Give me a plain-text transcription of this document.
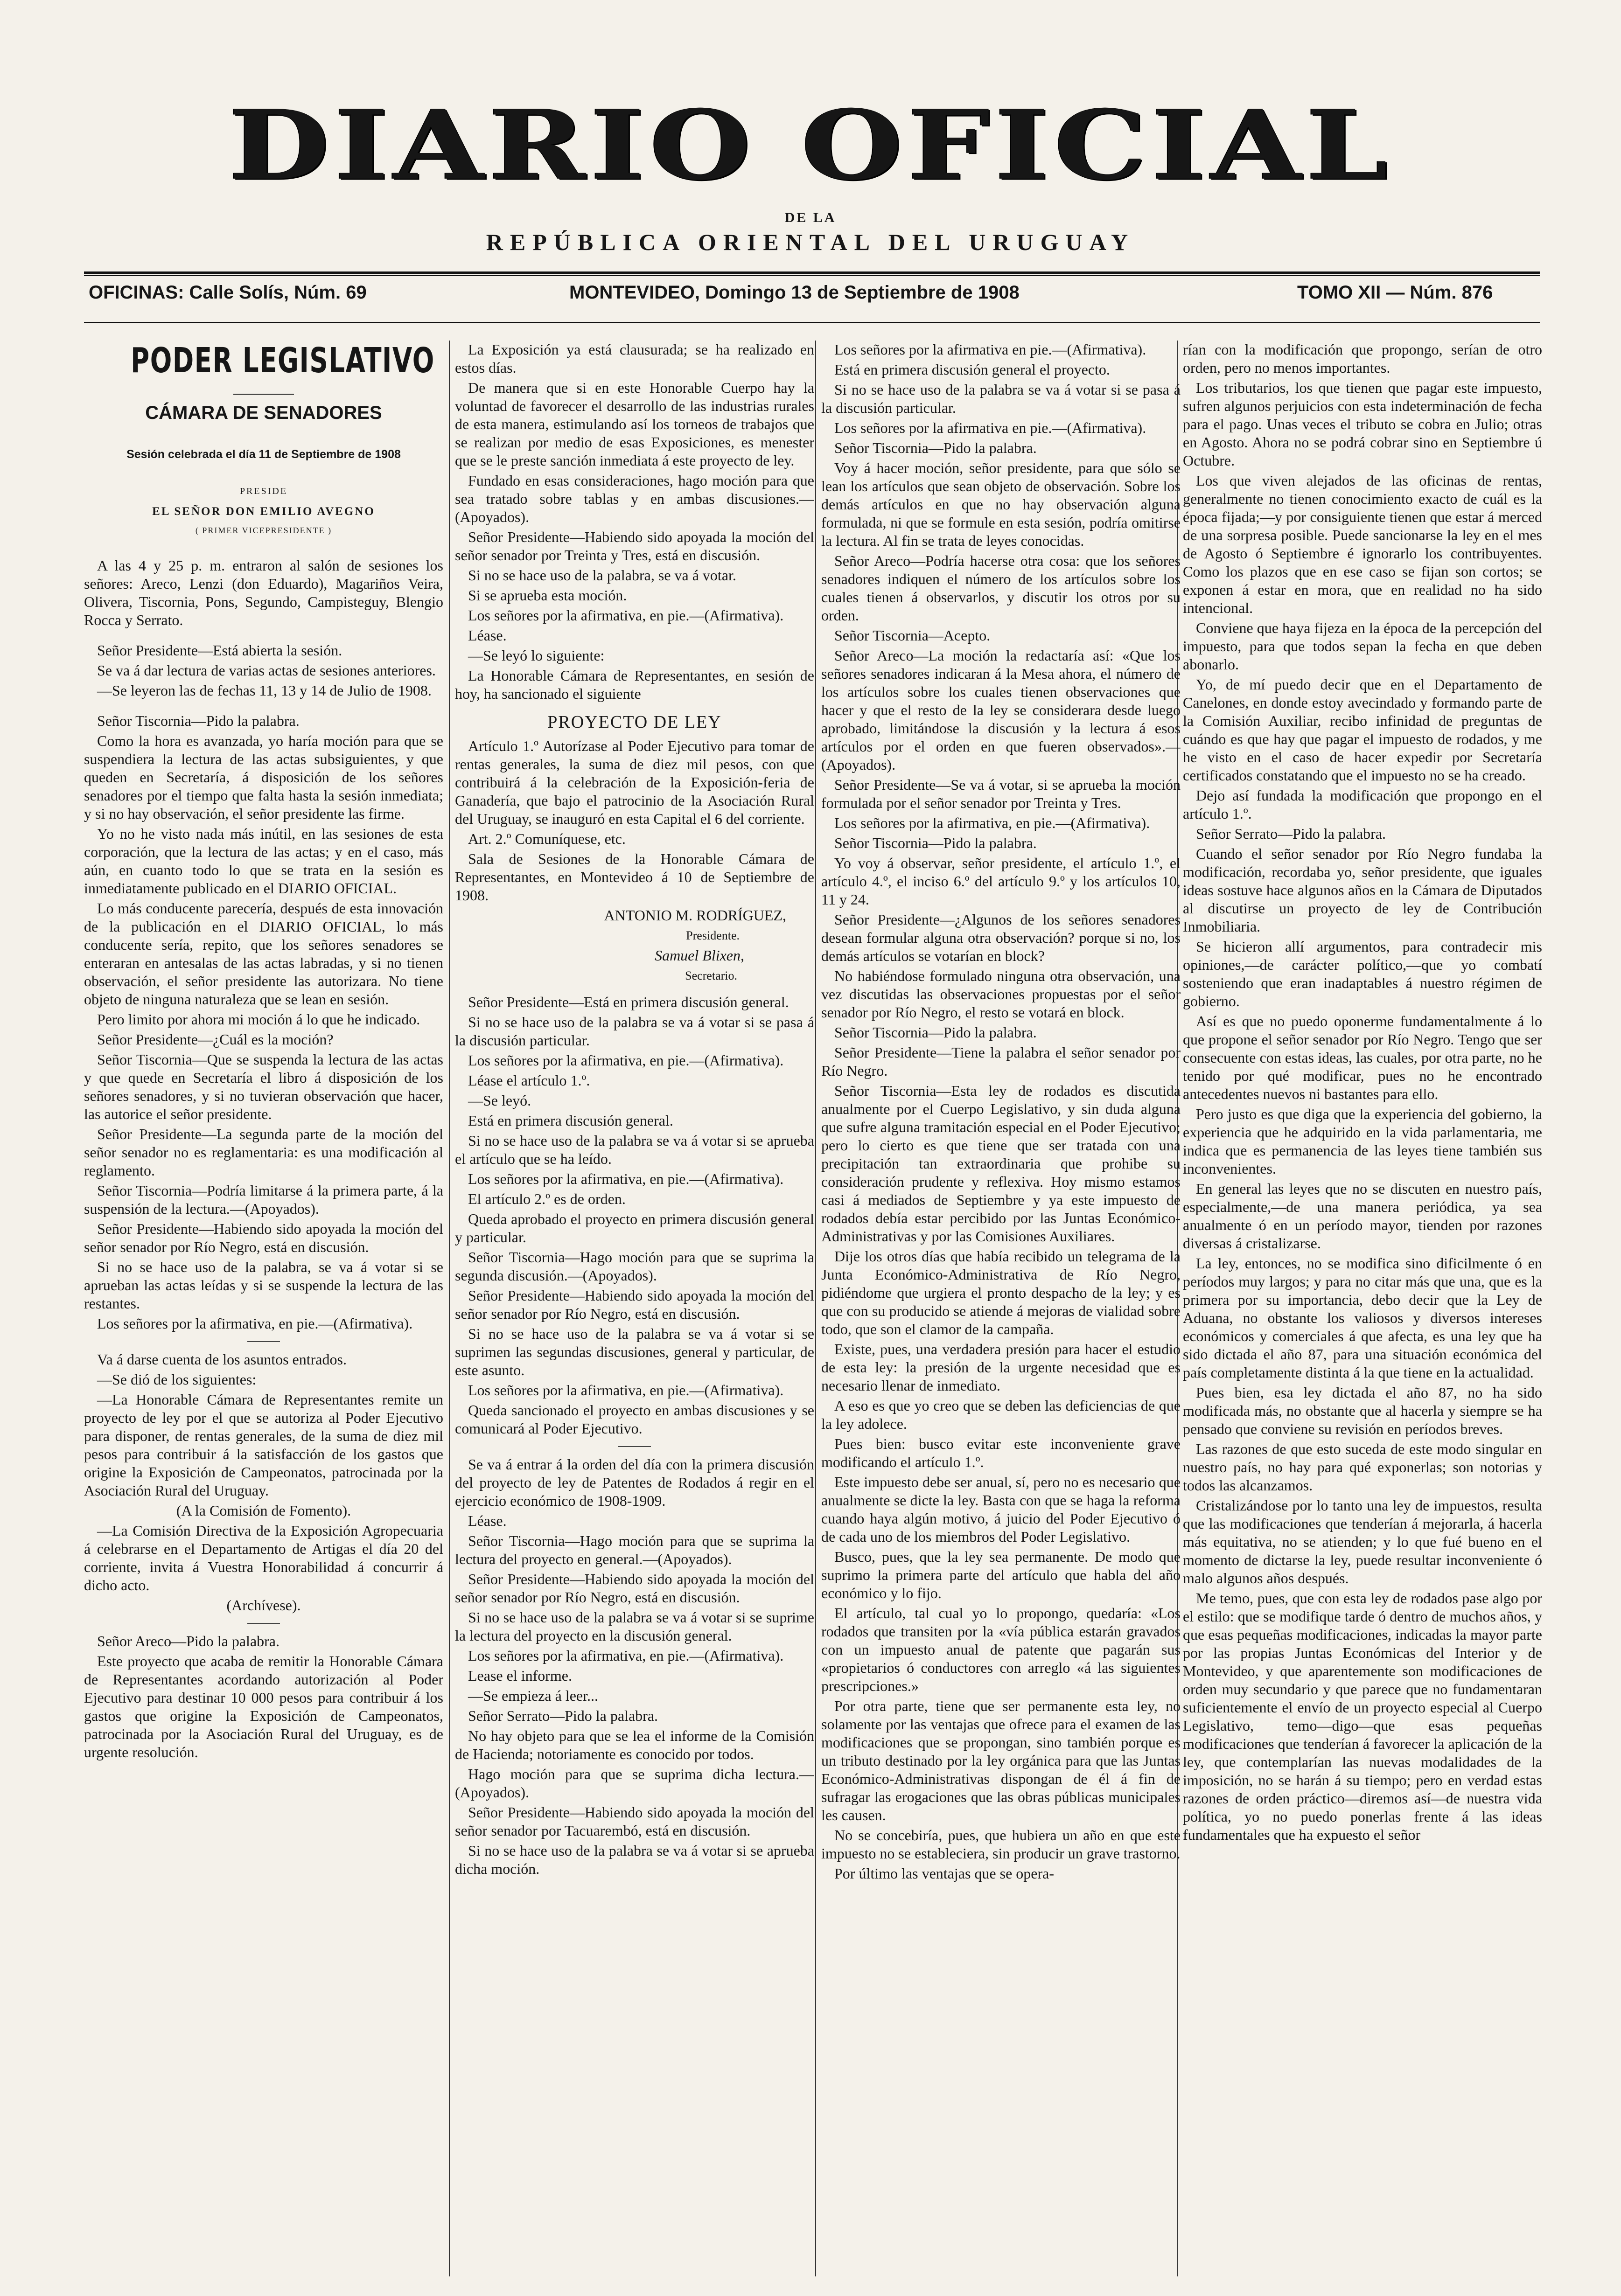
DIARIO OFICIAL
DE LA
REPÚBLICA ORIENTAL DEL URUGUAY
OFICINAS: Calle Solís, Núm. 69	MONTEVIDEO, Domingo 13 de Septiembre de 1908	TOMO XII — Núm. 876
PODER LEGISLATIVO
CÁMARA DE SENADORES
Sesión celebrada el día 11 de Septiembre de 1908
PRESIDE
EL SEÑOR DON EMILIO AVEGNO
( PRIMER VICEPRESIDENTE )

A las 4 y 25 p. m. entraron al salón de sesiones los señores: Areco, Lenzi (don Eduardo), Magariños Veira, Olivera, Tiscornia, Pons, Segundo, Campisteguy, Blengio Rocca y Serrato.

Señor Presidente—Está abierta la sesión.

Se va á dar lectura de varias actas de sesiones anteriores.

—Se leyeron las de fechas 11, 13 y 14 de Julio de 1908.

Señor Tiscornia—Pido la palabra.

Como la hora es avanzada, yo haría moción para que se suspendiera la lectura de las actas subsiguientes, y que queden en Secretaría, á disposición de los señores senadores por el tiempo que falta hasta la sesión inmediata; y si no hay observación, el señor presidente las firme.

Yo no he visto nada más inútil, en las sesiones de esta corporación, que la lectura de las actas; y en el caso, más aún, en cuanto todo lo que se trata en la sesión es inmediatamente publicado en el DIARIO OFICIAL.

Lo más conducente parecería, después de esta innovación de la publicación en el DIARIO OFICIAL, lo más conducente sería, repito, que los señores senadores se enteraran en antesalas de las actas labradas, y si no tienen observación, el señor presidente las autorizara. No tiene objeto de ninguna naturaleza que se lean en sesión.

Pero limito por ahora mi moción á lo que he indicado.

Señor Presidente—¿Cuál es la moción?

Señor Tiscornia—Que se suspenda la lectura de las actas y que quede en Secretaría el libro á disposición de los señores senadores, y si no tuvieran observación que hacer, las autorice el señor presidente.

Señor Presidente—La segunda parte de la moción del señor senador no es reglamentaria: es una modificación al reglamento.

Señor Tiscornia—Podría limitarse á la primera parte, á la suspensión de la lectura.—(Apoyados).

Señor Presidente—Habiendo sido apoyada la moción del señor senador por Río Negro, está en discusión.

Si no se hace uso de la palabra, se va á votar si se aprueban las actas leídas y si se suspende la lectura de las restantes.

Los señores por la afirmativa, en pie.—(Afirmativa).

Va á darse cuenta de los asuntos entrados.

—Se dió de los siguientes:

—La Honorable Cámara de Representantes remite un proyecto de ley por el que se autoriza al Poder Ejecutivo para disponer, de rentas generales, de la suma de diez mil pesos para contribuir á la satisfacción de los gastos que origine la Exposición de Campeonatos, patrocinada por la Asociación Rural del Uruguay.

(A la Comisión de Fomento).

—La Comisión Directiva de la Exposición Agropecuaria á celebrarse en el Departamento de Artigas el día 20 del corriente, invita á Vuestra Honorabilidad á concurrir á dicho acto.

(Archívese).

Señor Areco—Pido la palabra.

Este proyecto que acaba de remitir la Honorable Cámara de Representantes acordando autorización al Poder Ejecutivo para destinar 10 000 pesos para contribuir á los gastos que origine la Exposición de Campeonatos, patrocinada por la Asociación Rural del Uruguay, es de urgente resolución.

La Exposición ya está clausurada; se ha realizado en estos días.

De manera que si en este Honorable Cuerpo hay la voluntad de favorecer el desarrollo de las industrias rurales de esta manera, estimulando así los torneos de trabajos que se realizan por medio de esas Exposiciones, es menester que se le preste sanción inmediata á este proyecto de ley.

Fundado en esas consideraciones, hago moción para que sea tratado sobre tablas y en ambas discusiones.—(Apoyados).

Señor Presidente—Habiendo sido apoyada la moción del señor senador por Treinta y Tres, está en discusión.

Si no se hace uso de la palabra, se va á votar.

Si se aprueba esta moción.

Los señores por la afirmativa, en pie.—(Afirmativa).

Léase.

—Se leyó lo siguiente:

La Honorable Cámara de Representantes, en sesión de hoy, ha sancionado el siguiente

PROYECTO DE LEY

Artículo 1.º Autorízase al Poder Ejecutivo para tomar de rentas generales, la suma de diez mil pesos, con que contribuirá á la celebración de la Exposición-feria de Ganadería, que bajo el patrocinio de la Asociación Rural del Uruguay, se inauguró en esta Capital el 6 del corriente.

Art. 2.º Comuníquese, etc.

Sala de Sesiones de la Honorable Cámara de Representantes, en Montevideo á 10 de Septiembre de 1908.

ANTONIO M. RODRÍGUEZ,

Presidente.

Samuel Blixen,

Secretario.

Señor Presidente—Está en primera discusión general.

Si no se hace uso de la palabra se va á votar si se pasa á la discusión particular.

Los señores por la afirmativa, en pie.—(Afirmativa).

Léase el artículo 1.º.

—Se leyó.

Está en primera discusión general.

Si no se hace uso de la palabra se va á votar si se aprueba el artículo que se ha leído.

Los señores por la afirmativa, en pie.—(Afirmativa).

El artículo 2.º es de orden.

Queda aprobado el proyecto en primera discusión general y particular.

Señor Tiscornia—Hago moción para que se suprima la segunda discusión.—(Apoyados).

Señor Presidente—Habiendo sido apoyada la moción del señor senador por Río Negro, está en discusión.

Si no se hace uso de la palabra se va á votar si se suprimen las segundas discusiones, general y particular, de este asunto.

Los señores por la afirmativa, en pie.—(Afirmativa).

Queda sancionado el proyecto en ambas discusiones y se comunicará al Poder Ejecutivo.

Se va á entrar á la orden del día con la primera discusión del proyecto de ley de Patentes de Rodados á regir en el ejercicio económico de 1908-1909.

Léase.

Señor Tiscornia—Hago moción para que se suprima la lectura del proyecto en general.—(Apoyados).

Señor Presidente—Habiendo sido apoyada la moción del señor senador por Río Negro, está en discusión.

Si no se hace uso de la palabra se va á votar si se suprime la lectura del proyecto en la discusión general.

Los señores por la afirmativa, en pie.—(Afirmativa).

Lease el informe.

—Se empieza á leer...

Señor Serrato—Pido la palabra.

No hay objeto para que se lea el informe de la Comisión de Hacienda; notoriamente es conocido por todos.

Hago moción para que se suprima dicha lectura.—(Apoyados).

Señor Presidente—Habiendo sido apoyada la moción del señor senador por Tacuarembó, está en discusión.

Si no se hace uso de la palabra se va á votar si se aprueba dicha moción.

Los señores por la afirmativa en pie.—(Afirmativa).

Está en primera discusión general el proyecto.

Si no se hace uso de la palabra se va á votar si se pasa á la discusión particular.

Los señores por la afirmativa en pie.—(Afirmativa).

Señor Tiscornia—Pido la palabra.

Voy á hacer moción, señor presidente, para que sólo se lean los artículos que sean objeto de observación. Sobre los demás artículos en que no hay observación alguna formulada, ni que se formule en esta sesión, podría omitirse la lectura. Al fin se trata de leyes conocidas.

Señor Areco—Podría hacerse otra cosa: que los señores senadores indiquen el número de los artículos sobre los cuales tienen á observarlos, y discutir los otros por su orden.

Señor Tiscornia—Acepto.

Señor Areco—La moción la redactaría así: «Que los señores senadores indicaran á la Mesa ahora, el número de los artículos sobre los cuales tienen observaciones que hacer y que el resto de la ley se considerara desde luego aprobado, limitándose la discusión y la lectura á esos artículos por el orden en que fueren observados».—(Apoyados).

Señor Presidente—Se va á votar, si se aprueba la moción formulada por el señor senador por Treinta y Tres.

Los señores por la afirmativa, en pie.—(Afirmativa).

Señor Tiscornia—Pido la palabra.

Yo voy á observar, señor presidente, el artículo 1.º, el artículo 4.º, el inciso 6.º del artículo 9.º y los artículos 10, 11 y 24.

Señor Presidente—¿Algunos de los señores senadores desean formular alguna otra observación? porque si no, los demás artículos se votarían en block?

No habiéndose formulado ninguna otra observación, una vez discutidas las observaciones propuestas por el señor senador por Río Negro, el resto se votará en block.

Señor Tiscornia—Pido la palabra.

Señor Presidente—Tiene la palabra el señor senador por Río Negro.

Señor Tiscornia—Esta ley de rodados es discutida anualmente por el Cuerpo Legislativo, y sin duda alguna que sufre alguna tramitación especial en el Poder Ejecutivo; pero lo cierto es que tiene que ser tratada con una precipitación tan extraordinaria que prohibe su consideración prudente y reflexiva. Hoy mismo estamos casi á mediados de Septiembre y ya este impuesto de rodados debía estar percibido por las Juntas Económico-Administrativas y por las Comisiones Auxiliares.

Dije los otros días que había recibido un telegrama de la Junta Económico-Administrativa de Río Negro, pidiéndome que urgiera el pronto despacho de la ley; y es que con su producido se atiende á mejoras de vialidad sobre todo, que son el clamor de la campaña.

Existe, pues, una verdadera presión para hacer el estudio de esta ley: la presión de la urgente necesidad que es necesario llenar de inmediato.

A eso es que yo creo que se deben las deficiencias de que la ley adolece.

Pues bien: busco evitar este inconveniente grave modificando el artículo 1.º.

Este impuesto debe ser anual, sí, pero no es necesario que anualmente se dicte la ley. Basta con que se haga la reforma cuando haya algún motivo, á juicio del Poder Ejecutivo ó de cada uno de los miembros del Poder Legislativo.

Busco, pues, que la ley sea permanente. De modo que suprimo la primera parte del artículo que habla del año económico y lo fijo.

El artículo, tal cual yo lo propongo, quedaría: «Los rodados que transiten por la «vía pública estarán gravados con un impuesto anual de patente que pagarán sus «propietarios ó conductores con arreglo «á las siguientes prescripciones.»

Por otra parte, tiene que ser permanente esta ley, no solamente por las ventajas que ofrece para el examen de las modificaciones que se propongan, sino también porque es un tributo destinado por la ley orgánica para que las Juntas Económico-Administrativas dispongan de él á fin de sufragar las erogaciones que las obras públicas municipales les causen.

No se concebiría, pues, que hubiera un año en que este impuesto no se estableciera, sin producir un grave trastorno.

Por último las ventajas que se opera-

rían con la modificación que propongo, serían de otro orden, pero no menos importantes.

Los tributarios, los que tienen que pagar este impuesto, sufren algunos perjuicios con esta indeterminación de fecha para el pago. Unas veces el tributo se cobra en Julio; otras en Agosto. Ahora no se podrá cobrar sino en Septiembre ú Octubre.

Los que viven alejados de las oficinas de rentas, generalmente no tienen conocimiento exacto de cuál es la época fijada;—y por consiguiente tienen que estar á merced de una sorpresa posible. Puede sancionarse la ley en el mes de Agosto ó Septiembre é ignorarlo los contribuyentes. Como los plazos que en ese caso se fijan son cortos; se exponen á estar en mora, que en realidad no ha sido intencional.

Conviene que haya fijeza en la época de la percepción del impuesto, para que todos sepan la fecha en que deben abonarlo.

Yo, de mí puedo decir que en el Departamento de Canelones, en donde estoy avecindado y formando parte de la Comisión Auxiliar, recibo infinidad de preguntas de cuándo es que hay que pagar el impuesto de rodados, y me he visto en el caso de hacer expedir por Secretaría certificados constatando que el impuesto no se ha creado.

Dejo así fundada la modificación que propongo en el artículo 1.º.

Señor Serrato—Pido la palabra.

Cuando el señor senador por Río Negro fundaba la modificación, recordaba yo, señor presidente, que iguales ideas sostuve hace algunos años en la Cámara de Diputados al discutirse un proyecto de ley de Contribución Inmobiliaria.

Se hicieron allí argumentos, para contradecir mis opiniones,—de carácter político,—que yo combatí sosteniendo que eran inadaptables á nuestro régimen de gobierno.

Así es que no puedo oponerme fundamentalmente á lo que propone el señor senador por Río Negro. Tengo que ser consecuente con estas ideas, las cuales, por otra parte, no he tenido por qué modificar, pues no he encontrado antecedentes nuevos ni bastantes para ello.

Pero justo es que diga que la experiencia del gobierno, la experiencia que he adquirido en la vida parlamentaria, me indica que es permanencia de las leyes tiene también sus inconvenientes.

En general las leyes que no se discuten en nuestro país, especialmente,—de una manera periódica, ya sea anualmente ó en un período mayor, tienden por razones diversas á cristalizarse.

La ley, entonces, no se modifica sino dificilmente ó en períodos muy largos; y para no citar más que una, que es la primera por su importancia, debo decir que la Ley de Aduana, no obstante los valiosos y diversos intereses económicos y comerciales á que afecta, es una ley que ha sido dictada el año 87, para una situación económica del país completamente distinta á la que tiene en la actualidad.

Pues bien, esa ley dictada el año 87, no ha sido modificada más, no obstante que al hacerla y siempre se ha pensado que conviene su revisión en períodos breves.

Las razones de que esto suceda de este modo singular en nuestro país, no hay para qué exponerlas; son notorias y todos las alcanzamos.

Cristalizándose por lo tanto una ley de impuestos, resulta que las modificaciones que tenderían á mejorarla, á hacerla más equitativa, no se atienden; y lo que fué bueno en el momento de dictarse la ley, puede resultar inconveniente ó malo algunos años después.

Me temo, pues, que con esta ley de rodados pase algo por el estilo: que se modifique tarde ó dentro de muchos años, y que esas pequeñas modificaciones, indicadas la mayor parte por las propias Juntas Económicas del Interior y de Montevideo, y que aparentemente son modificaciones de orden muy secundario y que parece que no fundamentaran suficientemente el envío de un proyecto especial al Cuerpo Legislativo, temo—digo—que esas pequeñas modificaciones que tenderían á favorecer la aplicación de la ley, que contemplarían las nuevas modalidades de la imposición, no se harán á su tiempo; pero en verdad estas razones de orden práctico—diremos así—de nuestra vida política, yo no puedo ponerlas frente á las ideas fundamentales que ha expuesto el señor
